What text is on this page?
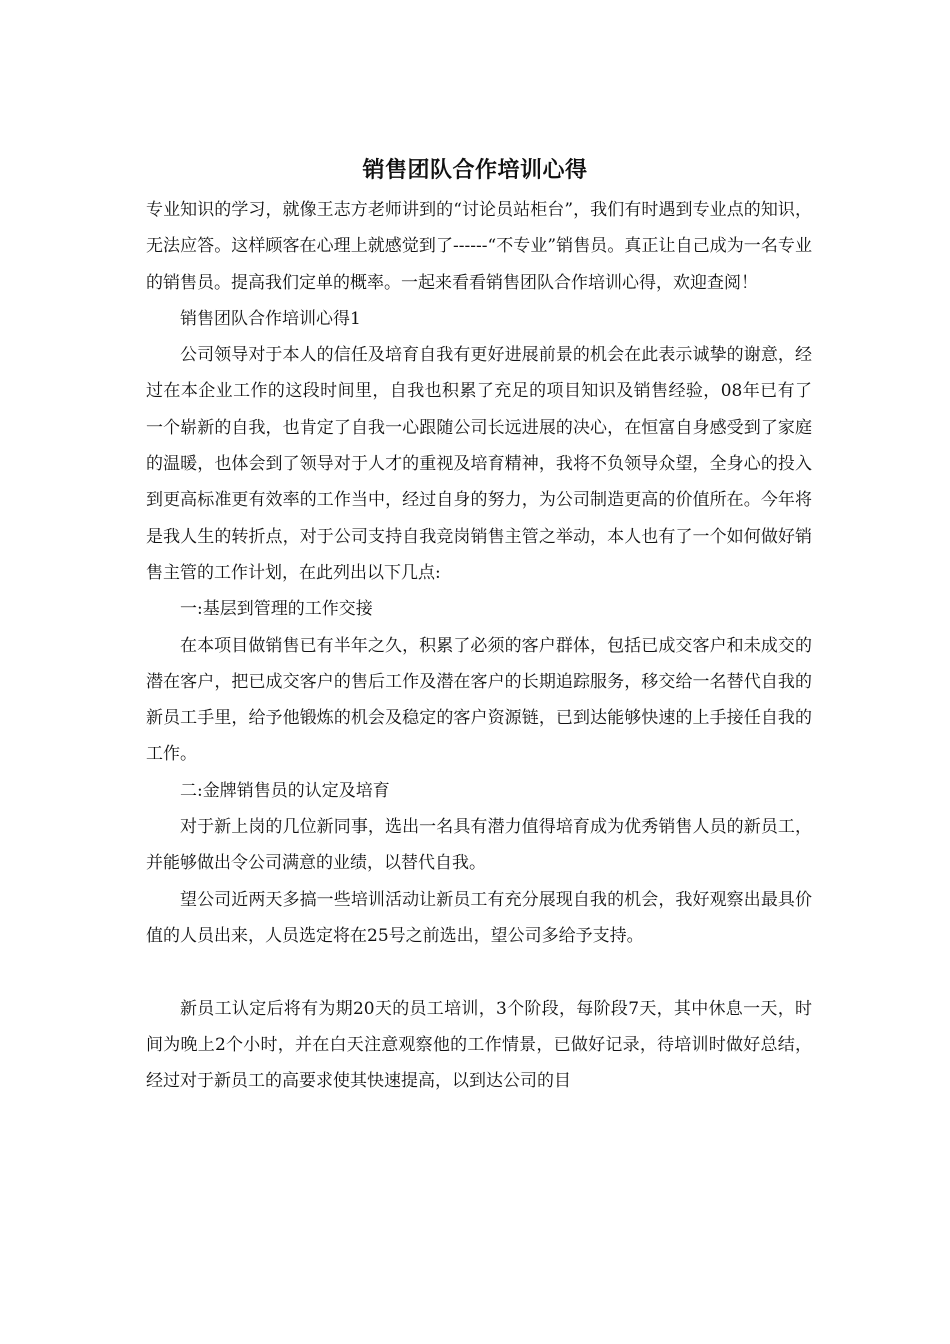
销售团队合作培训心得

专业知识的学习，就像王志方老师讲到的“讨论员站柜台”，我们有时遇到专业点的知识，无法应答。这样顾客在心理上就感觉到了------“不专业”销售员。真正让自己成为一名专业的销售员。提高我们定单的概率。一起来看看销售团队合作培训心得，欢迎查阅！

销售团队合作培训心得1

公司领导对于本人的信任及培育自我有更好进展前景的机会在此表示诚挚的谢意，经过在本企业工作的这段时间里，自我也积累了充足的项目知识及销售经验，08年已有了一个崭新的自我，也肯定了自我一心跟随公司长远进展的决心，在恒富自身感受到了家庭的温暖，也体会到了领导对于人才的重视及培育精神，我将不负领导众望，全身心的投入到更高标准更有效率的工作当中，经过自身的努力，为公司制造更高的价值所在。今年将是我人生的转折点，对于公司支持自我竞岗销售主管之举动，本人也有了一个如何做好销售主管的工作计划，在此列出以下几点:

一:基层到管理的工作交接

在本项目做销售已有半年之久，积累了必须的客户群体，包括已成交客户和未成交的潜在客户，把已成交客户的售后工作及潜在客户的长期追踪服务，移交给一名替代自我的新员工手里，给予他锻炼的机会及稳定的客户资源链，已到达能够快速的上手接任自我的工作。

二:金牌销售员的认定及培育

对于新上岗的几位新同事，选出一名具有潜力值得培育成为优秀销售人员的新员工，并能够做出令公司满意的业绩，以替代自我。

望公司近两天多搞一些培训活动让新员工有充分展现自我的机会，我好观察出最具价值的人员出来，人员选定将在25号之前选出，望公司多给予支持。

新员工认定后将有为期20天的员工培训，3个阶段，每阶段7天，其中休息一天，时间为晚上2个小时，并在白天注意观察他的工作情景，已做好记录，待培训时做好总结，经过对于新员工的高要求使其快速提高，以到达公司的目
